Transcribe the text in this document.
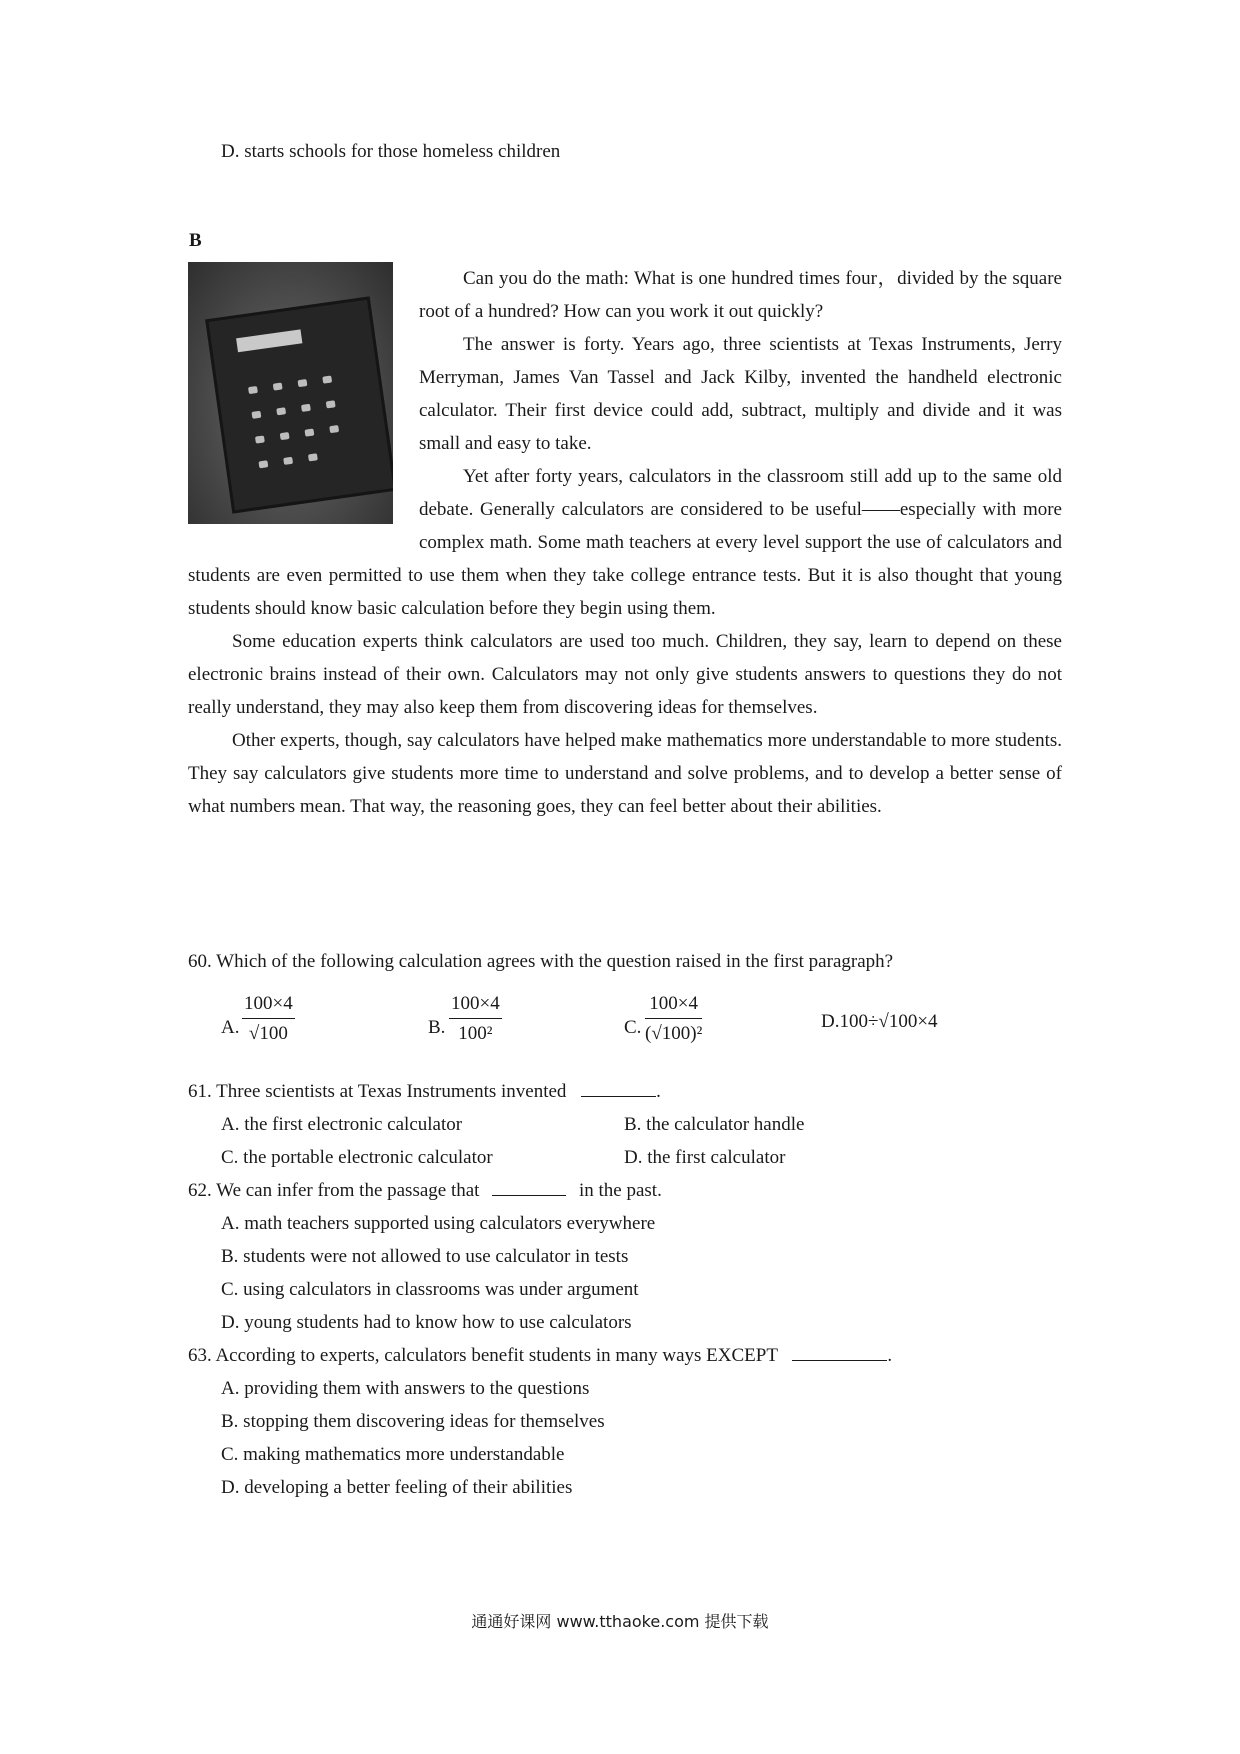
D. starts schools for those homeless children
B

Can you do the math: What is one hundred times four，divided by the square root of a hundred? How can you work it out quickly?

The answer is forty. Years ago, three scientists at Texas Instruments, Jerry Merryman, James Van Tassel and Jack Kilby, invented the handheld electronic calculator. Their first device could add, subtract, multiply and divide and it was small and easy to take.

Yet after forty years, calculators in the classroom still add up to the same old debate. Generally calculators are considered to be useful——especially with more complex math. Some math teachers at every level support the use of calculators and students are even permitted to use them when they take college entrance tests. But it is also thought that young students should know basic calculation before they begin using them.

Some education experts think calculators are used too much. Children, they say, learn to depend on these electronic brains instead of their own. Calculators may not only give students answers to questions they do not really understand, they may also keep them from discovering ideas for themselves.

Other experts, though, say calculators have helped make mathematics more understandable to more students. They say calculators give students more time to understand and solve problems, and to develop a better sense of what numbers mean. That way, the reasoning goes, they can feel better about their abilities.

60. Which of the following calculation agrees with the question raised in the first paragraph?
A. $\frac{100\times 4}{√100}$	B. $\frac{100\times 4}{\text{100²}}$	C. $\frac{100\times 4}{\text{(√100)²}}$	D.100÷√100×4
61. Three scientists at Texas Instruments invented	.
A. the first electronic calculator	B. the calculator handle
C. the portable electronic calculator	D. the first calculator
62. We can infer from the passage that	in the past.
A. math teachers supported using calculators everywhere
B. students were not allowed to use calculator in tests
C. using calculators in classrooms was under argument
D. young students had to know how to use calculators
63. According to experts, calculators benefit students in many ways EXCEPT	.
A. providing them with answers to the questions
B. stopping them discovering ideas for themselves
C. making mathematics more understandable
D. developing a better feeling of their abilities
通通好课网 www.tthaoke.com 提供下载
